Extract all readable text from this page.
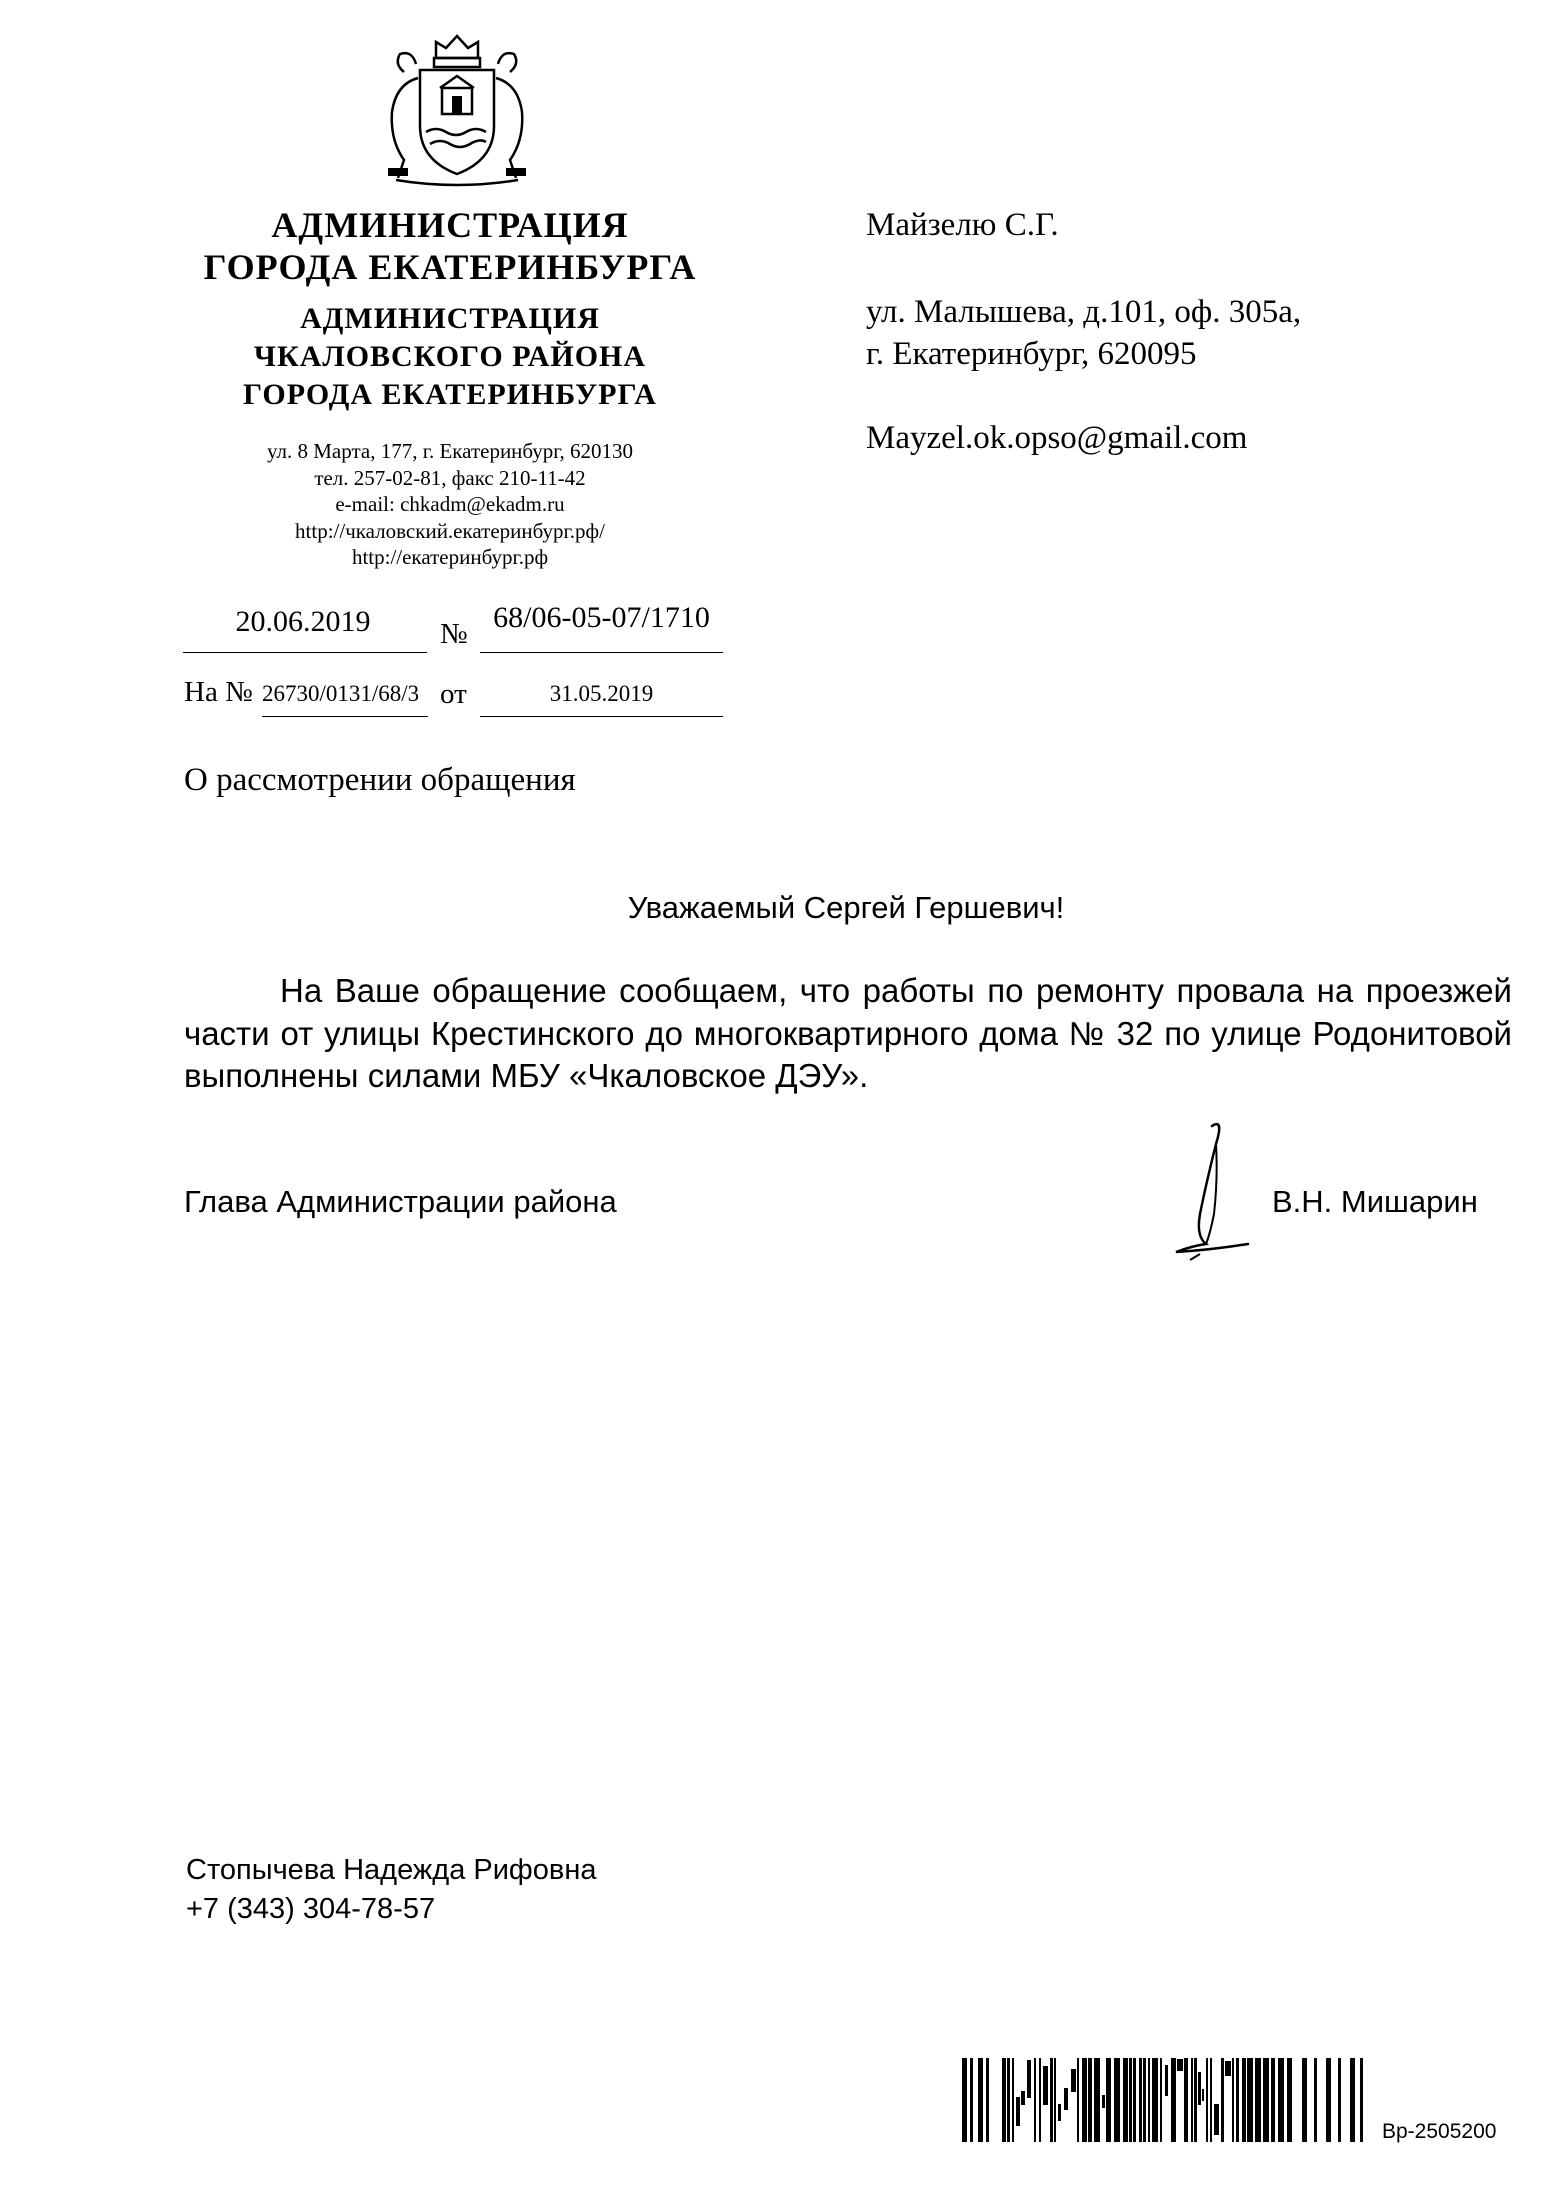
АДМИНИСТРАЦИЯ
ГОРОДА ЕКАТЕРИНБУРГА
АДМИНИСТРАЦИЯ
ЧКАЛОВСКОГО РАЙОНА
ГОРОДА ЕКАТЕРИНБУРГА
ул. 8 Марта, 177, г. Екатеринбург, 620130
тел. 257-02-81, факс 210-11-42
e-mail: chkadm@ekadm.ru
http://чкаловский.екатеринбург.рф/
http://екатеринбург.рф
20.06.2019	№ 68/06-05-07/1710
На № 26730/0131/68/3 от	31.05.2019
Майзелю С.Г.
ул. Малышева, д.101, оф. 305а,
г. Екатеринбург, 620095
Mayzel.ok.opso@gmail.com
О рассмотрении обращения
Уважаемый Сергей Гершевич!
На Ваше обращение сообщаем, что работы по ремонту провала на проезжей части от улицы Крестинского до многоквартирного дома № 32 по улице Родонитовой выполнены силами МБУ «Чкаловское ДЭУ».
Глава Администрации района	В.Н. Мишарин
Стопычева Надежда Рифовна
+7 (343) 304-78-57
Вр-2505200
